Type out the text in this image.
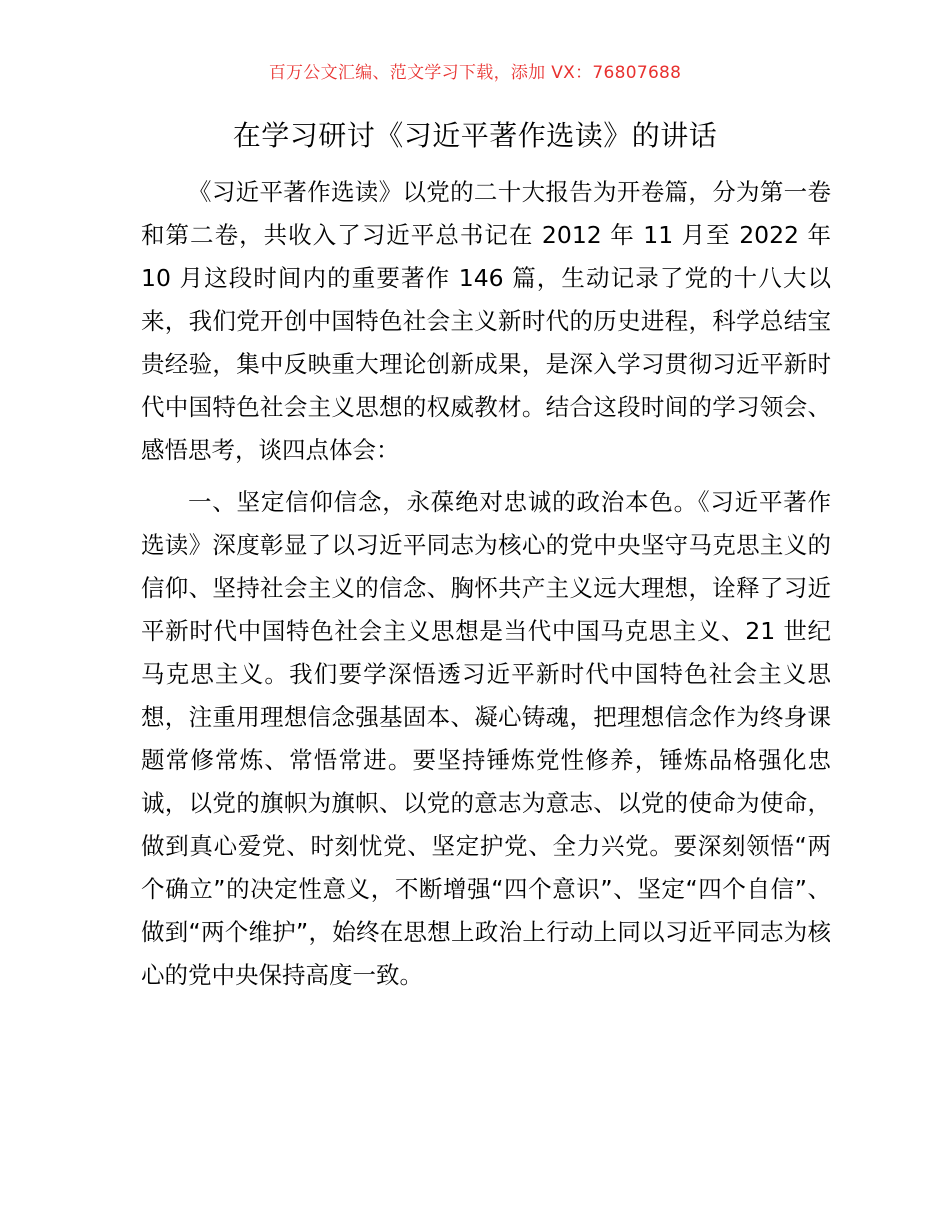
百万公文汇编、范文学习下载，添加 VX：76807688
在学习研讨《习近平著作选读》的讲话

《习近平著作选读》以党的二十大报告为开卷篇，分为第一卷和第二卷，共收入了习近平总书记在 2012 年 11 月至 2022 年 10 月这段时间内的重要著作 146 篇，生动记录了党的十八大以来，我们党开创中国特色社会主义新时代的历史进程，科学总结宝贵经验，集中反映重大理论创新成果，是深入学习贯彻习近平新时代中国特色社会主义思想的权威教材。结合这段时间的学习领会、感悟思考，谈四点体会：

一、坚定信仰信念，永葆绝对忠诚的政治本色。《习近平著作选读》深度彰显了以习近平同志为核心的党中央坚守马克思主义的信仰、坚持社会主义的信念、胸怀共产主义远大理想，诠释了习近平新时代中国特色社会主义思想是当代中国马克思主义、21 世纪马克思主义。我们要学深悟透习近平新时代中国特色社会主义思想，注重用理想信念强基固本、凝心铸魂，把理想信念作为终身课题常修常炼、常悟常进。要坚持锤炼党性修养，锤炼品格强化忠诚，以党的旗帜为旗帜、以党的意志为意志、以党的使命为使命，做到真心爱党、时刻忧党、坚定护党、全力兴党。要深刻领悟“两个确立”的决定性意义，不断增强“四个意识”、坚定“四个自信”、做到“两个维护”，始终在思想上政治上行动上同以习近平同志为核心的党中央保持高度一致。
